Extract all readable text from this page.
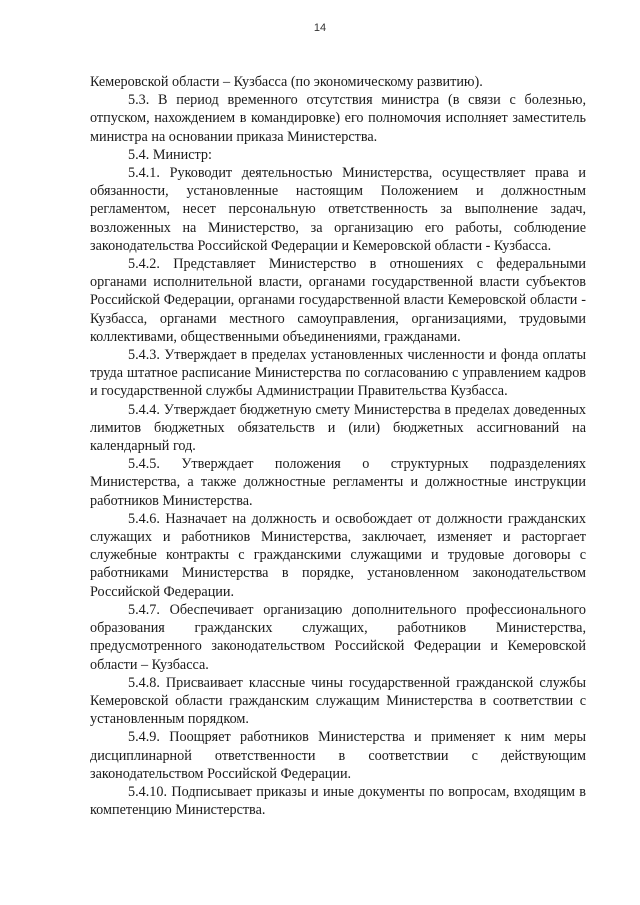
14

Кемеровской области – Кузбасса (по экономическому развитию).

5.3. В период временного отсутствия министра (в связи с болезнью, отпуском, нахождением в командировке) его полномочия исполняет заместитель министра на основании приказа Министерства.

5.4. Министр:

5.4.1. Руководит деятельностью Министерства, осуществляет права и обязанности, установленные настоящим Положением и должностным регламентом, несет персональную ответственность за выполнение задач, возложенных на Министерство, за организацию его работы, соблюдение законодательства Российской Федерации и Кемеровской области - Кузбасса.

5.4.2. Представляет Министерство в отношениях с федеральными органами исполнительной власти, органами государственной власти субъектов Российской Федерации, органами государственной власти Кемеровской области - Кузбасса, органами местного самоуправления, организациями, трудовыми коллективами, общественными объединениями, гражданами.

5.4.3. Утверждает в пределах установленных численности и фонда оплаты труда штатное расписание Министерства по согласованию с управлением кадров и государственной службы Администрации Правительства Кузбасса.

5.4.4. Утверждает бюджетную смету Министерства в пределах доведенных лимитов бюджетных обязательств и (или) бюджетных ассигнований на календарный год.

5.4.5. Утверждает положения о структурных подразделениях Министерства, а также должностные регламенты и должностные инструкции работников Министерства.

5.4.6. Назначает на должность и освобождает от должности гражданских служащих и работников Министерства, заключает, изменяет и расторгает служебные контракты с гражданскими служащими и трудовые договоры с работниками Министерства в порядке, установленном законодательством Российской Федерации.

5.4.7. Обеспечивает организацию дополнительного профессионального образования гражданских служащих, работников Министерства, предусмотренного законодательством Российской Федерации и Кемеровской области – Кузбасса.

5.4.8. Присваивает классные чины государственной гражданской службы Кемеровской области гражданским служащим Министерства в соответствии с установленным порядком.

5.4.9. Поощряет работников Министерства и применяет к ним меры дисциплинарной ответственности в соответствии с действующим законодательством Российской Федерации.

5.4.10. Подписывает приказы и иные документы по вопросам, входящим в компетенцию Министерства.
